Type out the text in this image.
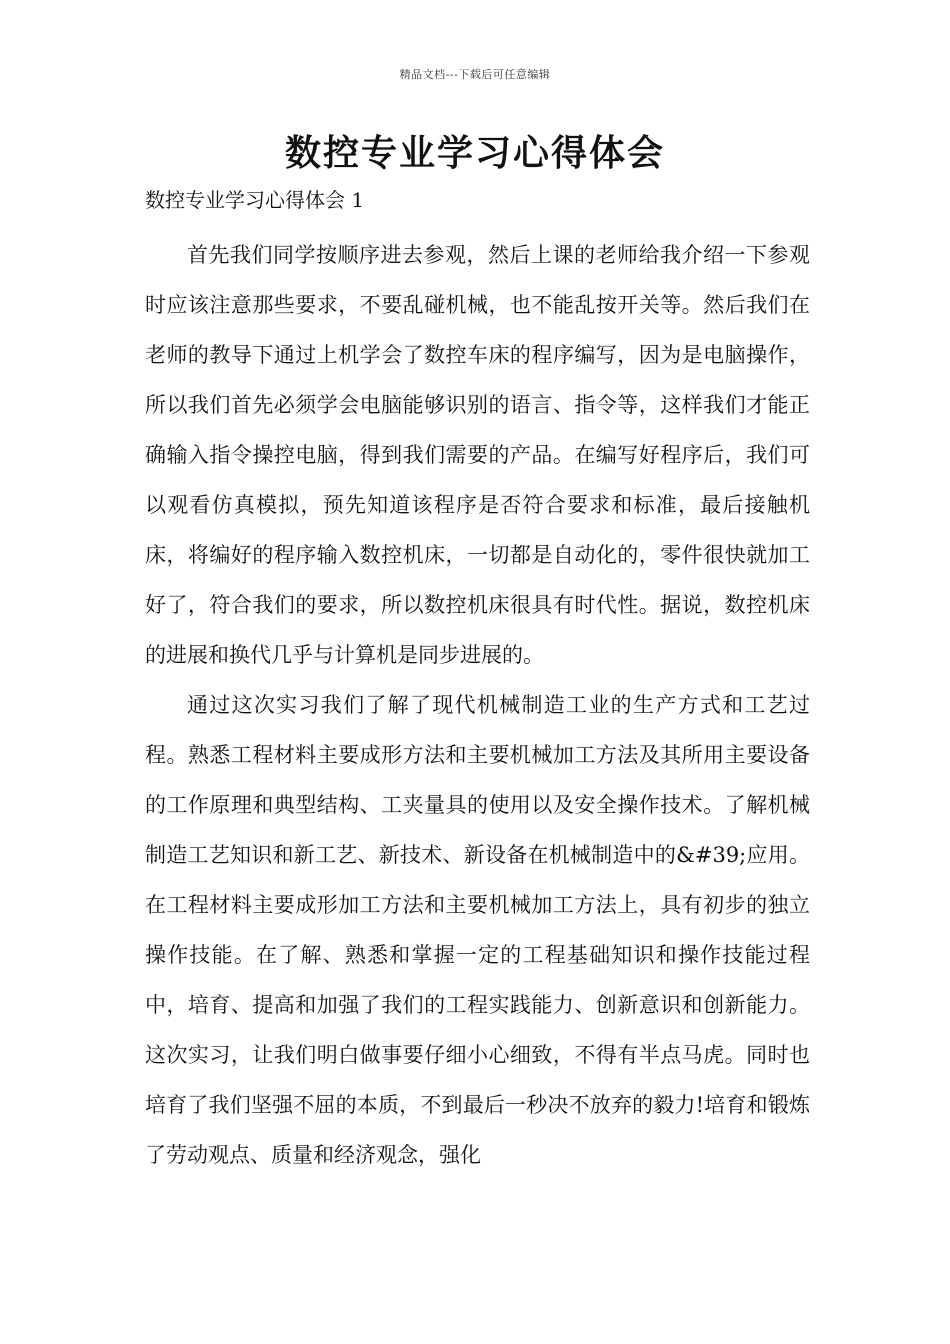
精品文档---下载后可任意编辑
数控专业学习心得体会
数控专业学习心得体会 1

首先我们同学按顺序进去参观，然后上课的老师给我介绍一下参观时应该注意那些要求，不要乱碰机械，也不能乱按开关等。然后我们在老师的教导下通过上机学会了数控车床的程序编写，因为是电脑操作，所以我们首先必须学会电脑能够识别的语言、指令等，这样我们才能正确输入指令操控电脑，得到我们需要的产品。在编写好程序后，我们可以观看仿真模拟，预先知道该程序是否符合要求和标准，最后接触机床，将编好的程序输入数控机床，一切都是自动化的，零件很快就加工好了，符合我们的要求，所以数控机床很具有时代性。据说，数控机床的进展和换代几乎与计算机是同步进展的。

通过这次实习我们了解了现代机械制造工业的生产方式和工艺过程。熟悉工程材料主要成形方法和主要机械加工方法及其所用主要设备的工作原理和典型结构、工夹量具的使用以及安全操作技术。了解机械制造工艺知识和新工艺、新技术、新设备在机械制造中的&#39;应用。在工程材料主要成形加工方法和主要机械加工方法上，具有初步的独立操作技能。在了解、熟悉和掌握一定的工程基础知识和操作技能过程中，培育、提高和加强了我们的工程实践能力、创新意识和创新能力。这次实习，让我们明白做事要仔细小心细致，不得有半点马虎。同时也培育了我们坚强不屈的本质，不到最后一秒决不放弃的毅力!培育和锻炼了劳动观点、质量和经济观念，强化
